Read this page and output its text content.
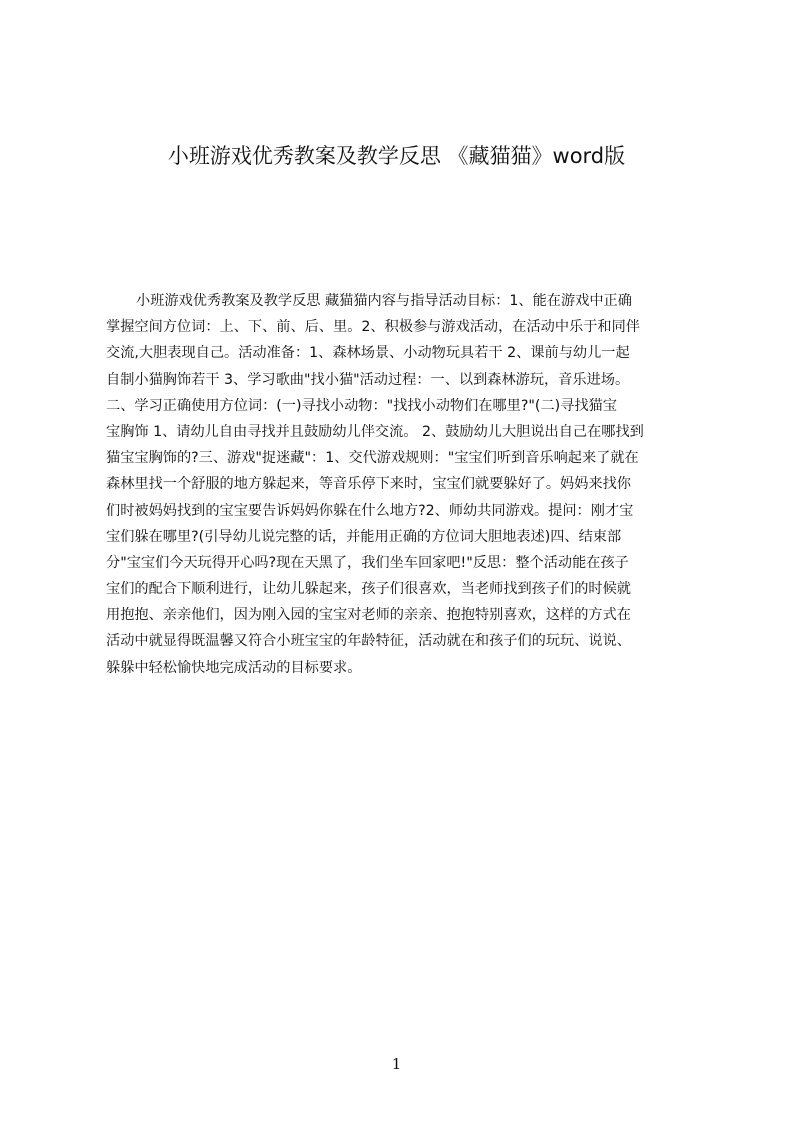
小班游戏优秀教案及教学反思 《藏猫猫》word版
小班游戏优秀教案及教学反思 藏猫猫内容与指导活动目标：1、能在游戏中正确
掌握空间方位词：上、下、前、后、里。2、积极参与游戏活动，在活动中乐于和同伴
交流,大胆表现自己。活动准备：1、森林场景、小动物玩具若干 2、课前与幼儿一起
自制小猫胸饰若干 3、学习歌曲"找小猫"活动过程：一、以到森林游玩，音乐进场。
二、学习正确使用方位词：(一)寻找小动物："找找小动物们在哪里?"(二)寻找猫宝
宝胸饰 1、请幼儿自由寻找并且鼓励幼儿伴交流。 2、鼓励幼儿大胆说出自己在哪找到
猫宝宝胸饰的?三、游戏"捉迷藏"：1、交代游戏规则："宝宝们听到音乐响起来了就在
森林里找一个舒服的地方躲起来，等音乐停下来时，宝宝们就要躲好了。妈妈来找你
们时被妈妈找到的宝宝要告诉妈妈你躲在什么地方?2、师幼共同游戏。提问：刚才宝
宝们躲在哪里?(引导幼儿说完整的话，并能用正确的方位词大胆地表述)四、结束部
分"宝宝们今天玩得开心吗?现在天黑了，我们坐车回家吧!"反思：整个活动能在孩子
宝们的配合下顺利进行，让幼儿躲起来，孩子们很喜欢，当老师找到孩子们的时候就
用抱抱、亲亲他们，因为刚入园的宝宝对老师的亲亲、抱抱特别喜欢，这样的方式在
活动中就显得既温馨又符合小班宝宝的年龄特征，活动就在和孩子们的玩玩、说说、
躲躲中轻松愉快地完成活动的目标要求。
1
